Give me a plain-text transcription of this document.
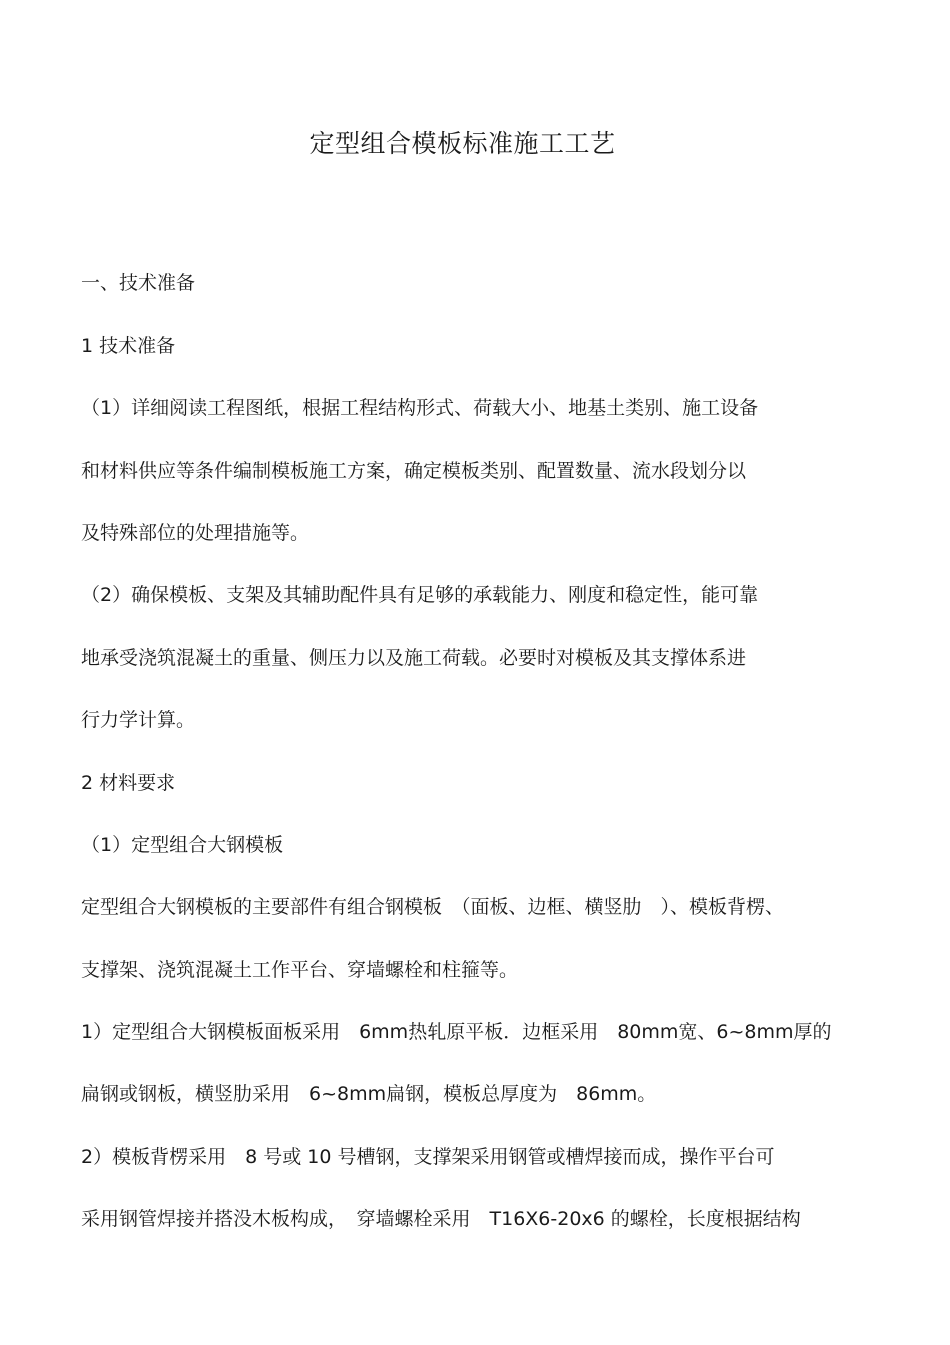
定型组合模板标准施工工艺
一、技术准备
1 技术准备
（1）详细阅读工程图纸，根据工程结构形式、荷载大小、地基土类别、施工设备
和材料供应等条件编制模板施工方案，确定模板类别、配置数量、流水段划分以
及特殊部位的处理措施等。
（2）确保模板、支架及其辅助配件具有足够的承载能力、刚度和稳定性，能可靠
地承受浇筑混凝土的重量、侧压力以及施工荷载。必要时对模板及其支撑体系进
行力学计算。
2 材料要求
（1）定型组合大钢模板
定型组合大钢模板的主要部件有组合钢模板　（面板、边框、横竖肋　）、模板背楞、
支撑架、浇筑混凝土工作平台、穿墙螺栓和柱箍等。
1）定型组合大钢模板面板采用　6mm热轧原平板．边框采用　80mm宽、6~8mm厚的
扁钢或钢板，横竖肋采用　6~8mm扁钢，模板总厚度为　86mm。
2）模板背楞采用　8 号或 10 号槽钢，支撑架采用钢管或槽焊接而成，操作平台可
采用钢管焊接并搭没木板构成，　穿墙螺栓采用　T16X6-20x6 的螺栓，长度根据结构
